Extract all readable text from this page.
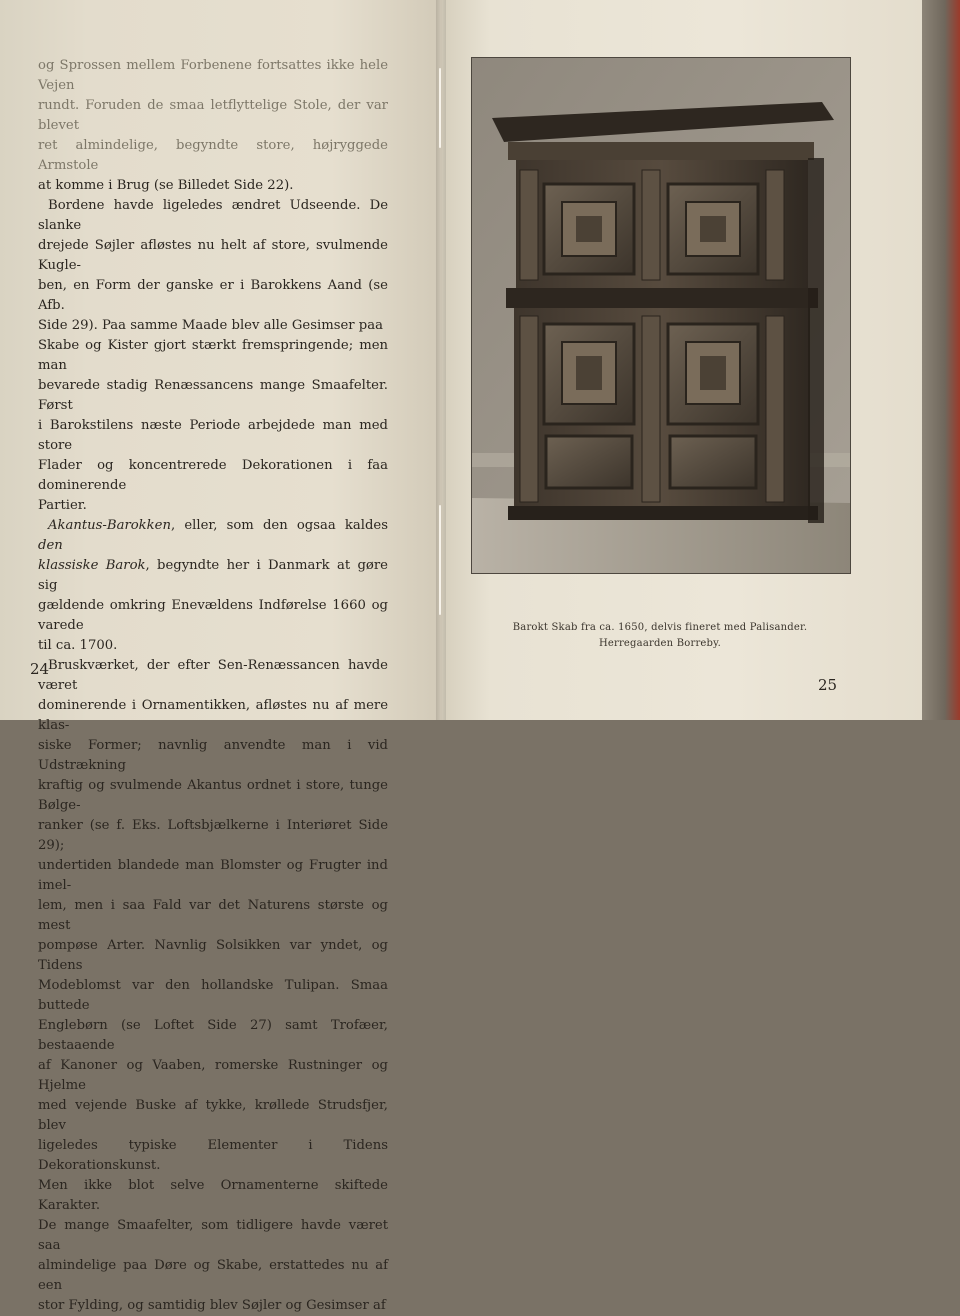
og Sprossen mellem Forbenene fortsattes ikke hele Vejen
rundt. Foruden de smaa letflyttelige Stole, der var blevet
ret almindelige, begyndte store, højryggede Armstole
at komme i Brug (se Billedet Side 22).

Bordene havde ligeledes ændret Udseende. De slanke
drejede Søjler afløstes nu helt af store, svulmende Kugle-
ben, en Form der ganske er i Barokkens Aand (se Afb.
Side 29). Paa samme Maade blev alle Gesimser paa
Skabe og Kister gjort stærkt fremspringende; men man
bevarede stadig Renæssancens mange Smaafelter. Først
i Barokstilens næste Periode arbejdede man med store
Flader og koncentrerede Dekorationen i faa dominerende
Partier.

Akantus-Barokken, eller, som den ogsaa kaldes den
klassiske Barok, begyndte her i Danmark at gøre sig
gældende omkring Enevældens Indførelse 1660 og varede
til ca. 1700.

Bruskværket, der efter Sen-Renæssancen havde været
dominerende i Ornamentikken, afløstes nu af mere klas-
siske Former; navnlig anvendte man i vid Udstrækning
kraftig og svulmende Akantus ordnet i store, tunge Bølge-
ranker (se f. Eks. Loftsbjælkerne i Interiøret Side 29);
undertiden blandede man Blomster og Frugter ind imel-
lem, men i saa Fald var det Naturens største og mest
pompøse Arter. Navnlig Solsikken var yndet, og Tidens
Modeblomst var den hollandske Tulipan. Smaa buttede
Englebørn (se Loftet Side 27) samt Trofæer, bestaaende
af Kanoner og Vaaben, romerske Rustninger og Hjelme
med vejende Buske af tykke, krøllede Strudsfjer, blev
ligeledes typiske Elementer i Tidens Dekorationskunst.
Men ikke blot selve Ornamenterne skiftede Karakter.
De mange Smaafelter, som tidligere havde været saa
almindelige paa Døre og Skabe, erstattedes nu af een
stor Fylding, og samtidig blev Søjler og Gesimser af

24
Barokt Skab fra ca. 1650, delvis fineret med Palisander.
Herregaarden Borreby.
25
